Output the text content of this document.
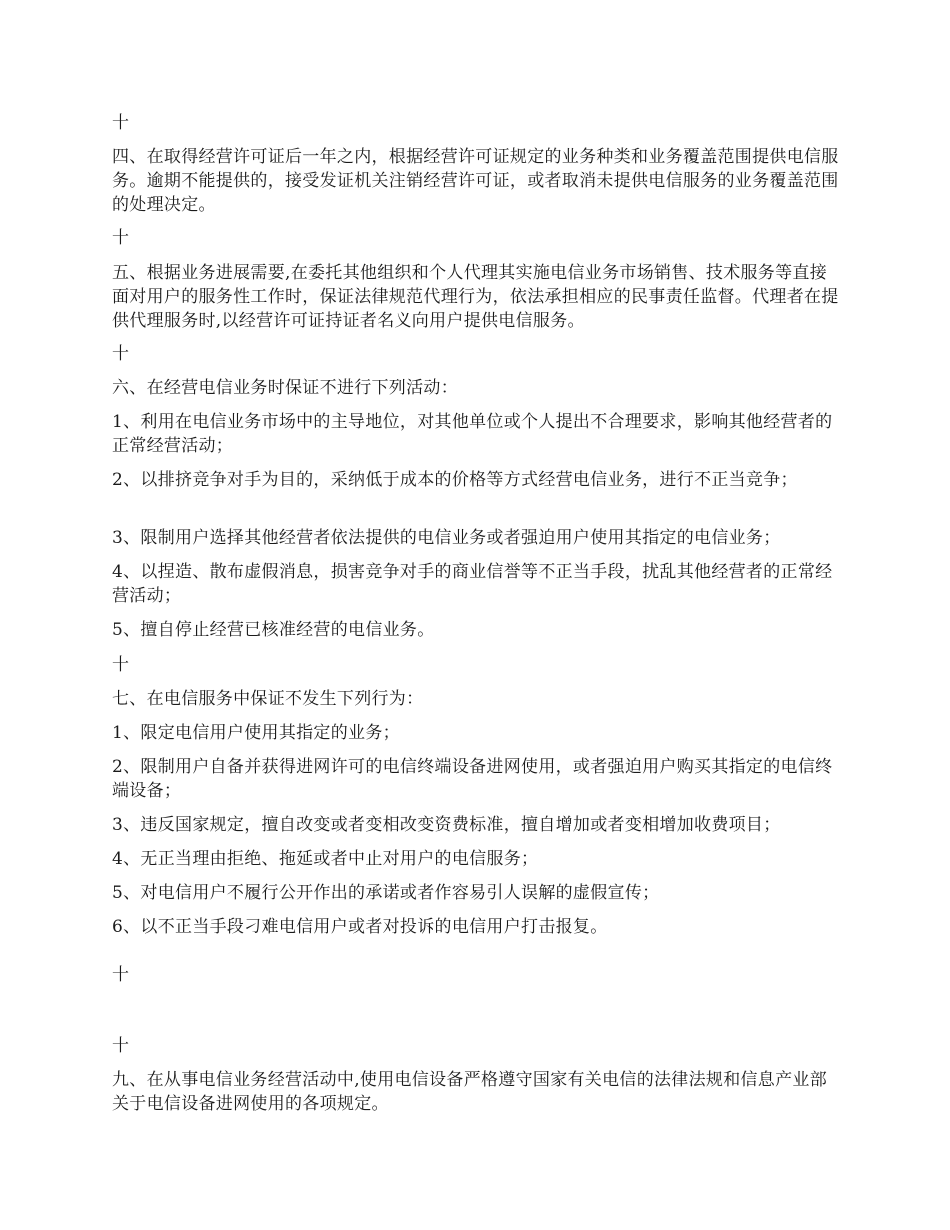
十

四、在取得经营许可证后一年之内，根据经营许可证规定的业务种类和业务覆盖范围提供电信服务。逾期不能提供的，接受发证机关注销经营许可证，或者取消未提供电信服务的业务覆盖范围的处理决定。

十

五、根据业务进展需要,在委托其他组织和个人代理其实施电信业务市场销售、技术服务等直接面对用户的服务性工作时，保证法律规范代理行为，依法承担相应的民事责任监督。代理者在提供代理服务时,以经营许可证持证者名义向用户提供电信服务。

十

六、在经营电信业务时保证不进行下列活动：

1、利用在电信业务市场中的主导地位，对其他单位或个人提出不合理要求，影响其他经营者的正常经营活动；

2、以排挤竞争对手为目的，采纳低于成本的价格等方式经营电信业务，进行不正当竞争；

3、限制用户选择其他经营者依法提供的电信业务或者强迫用户使用其指定的电信业务；

4、以捏造、散布虚假消息，损害竞争对手的商业信誉等不正当手段，扰乱其他经营者的正常经营活动；

5、擅自停止经营已核准经营的电信业务。

十

七、在电信服务中保证不发生下列行为：

1、限定电信用户使用其指定的业务；

2、限制用户自备并获得进网许可的电信终端设备进网使用，或者强迫用户购买其指定的电信终端设备；

3、违反国家规定，擅自改变或者变相改变资费标准，擅自增加或者变相增加收费项目；

4、无正当理由拒绝、拖延或者中止对用户的电信服务；

5、对电信用户不履行公开作出的承诺或者作容易引人误解的虚假宣传；

6、以不正当手段刁难电信用户或者对投诉的电信用户打击报复。

十

十

九、在从事电信业务经营活动中,使用电信设备严格遵守国家有关电信的法律法规和信息产业部关于电信设备进网使用的各项规定。
